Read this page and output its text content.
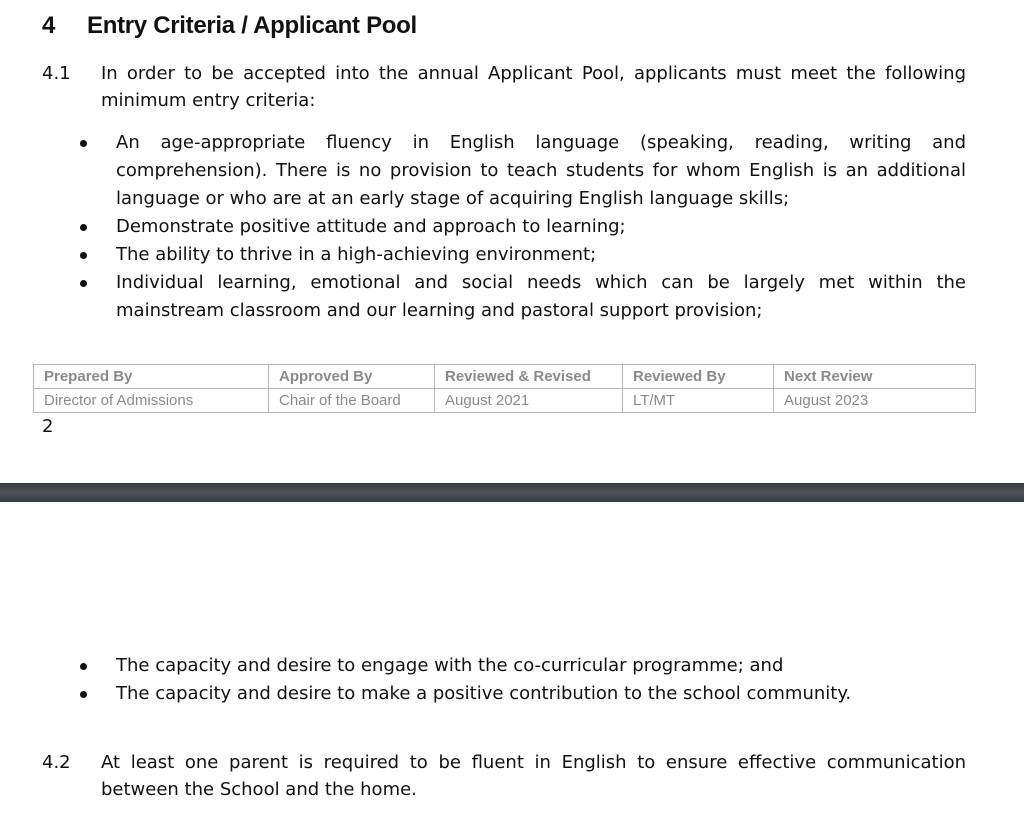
4 Entry Criteria / Applicant Pool
4.1 In order to be accepted into the annual Applicant Pool, applicants must meet the following minimum entry criteria:
An age-appropriate fluency in English language (speaking, reading, writing and comprehension). There is no provision to teach students for whom English is an additional language or who are at an early stage of acquiring English language skills;
Demonstrate positive attitude and approach to learning;
The ability to thrive in a high-achieving environment;
Individual learning, emotional and social needs which can be largely met within the mainstream classroom and our learning and pastoral support provision;
Prepared By	Approved By	Reviewed & Revised	Reviewed By	Next Review
Director of Admissions	Chair of the Board	August 2021	LT/MT	August 2023
2
The capacity and desire to engage with the co-curricular programme; and
The capacity and desire to make a positive contribution to the school community.
4.2 At least one parent is required to be fluent in English to ensure effective communication between the School and the home.
